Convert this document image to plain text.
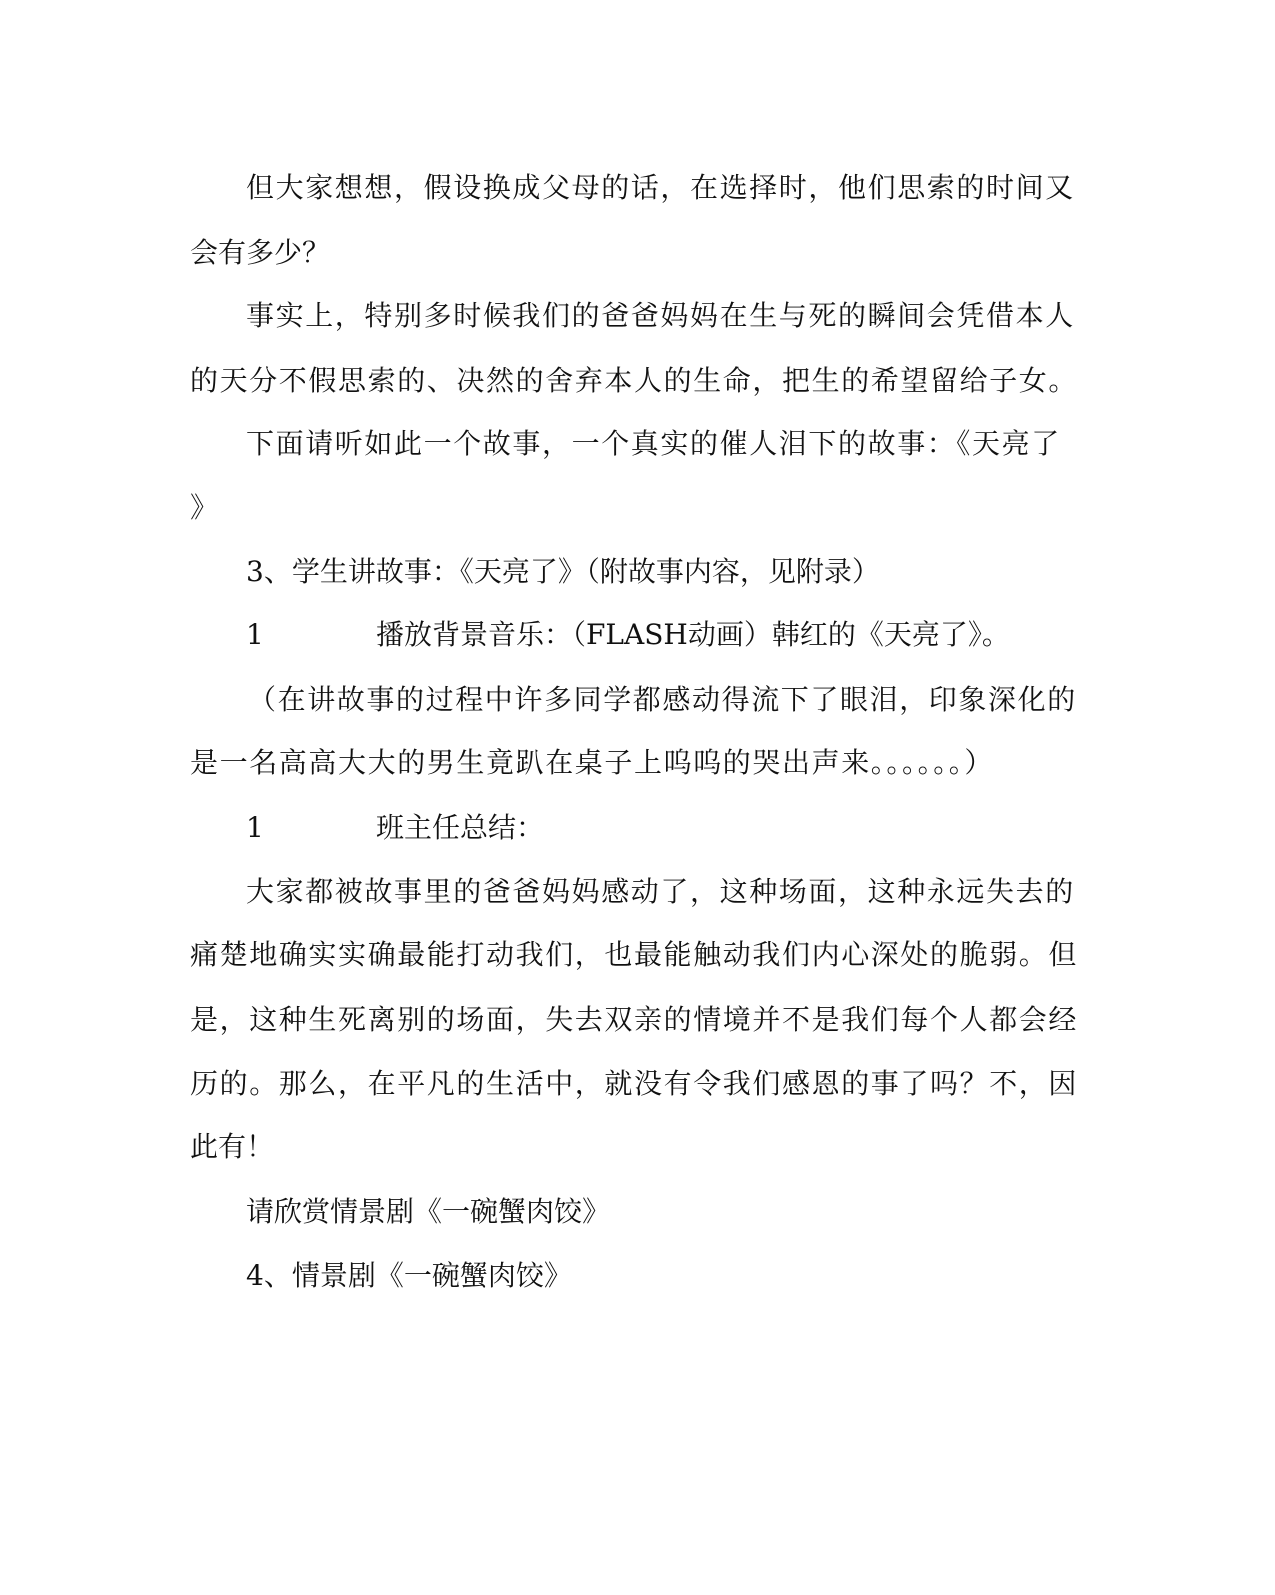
但大家想想，假设换成父母的话，在选择时，他们思索的时间又
会有多少？
事实上，特别多时候我们的爸爸妈妈在生与死的瞬间会凭借本人
的天分不假思索的、决然的舍弃本人的生命，把生的希望留给子女。
下面请听如此一个故事，一个真实的催人泪下的故事：《天亮了
》
3、学生讲故事：《天亮了》（附故事内容，见附录）
1	播放背景音乐：（FLASH动画）韩红的《天亮了》。
（在讲故事的过程中许多同学都感动得流下了眼泪，印象深化的
是一名高高大大的男生竟趴在桌子上呜呜的哭出声来。。。。。。）
1	班主任总结：
大家都被故事里的爸爸妈妈感动了，这种场面，这种永远失去的
痛楚地确实实确最能打动我们，也最能触动我们内心深处的脆弱。但
是，这种生死离别的场面，失去双亲的情境并不是我们每个人都会经
历的。那么，在平凡的生活中，就没有令我们感恩的事了吗？不，因
此有！
请欣赏情景剧《一碗蟹肉饺》
4、情景剧《一碗蟹肉饺》
